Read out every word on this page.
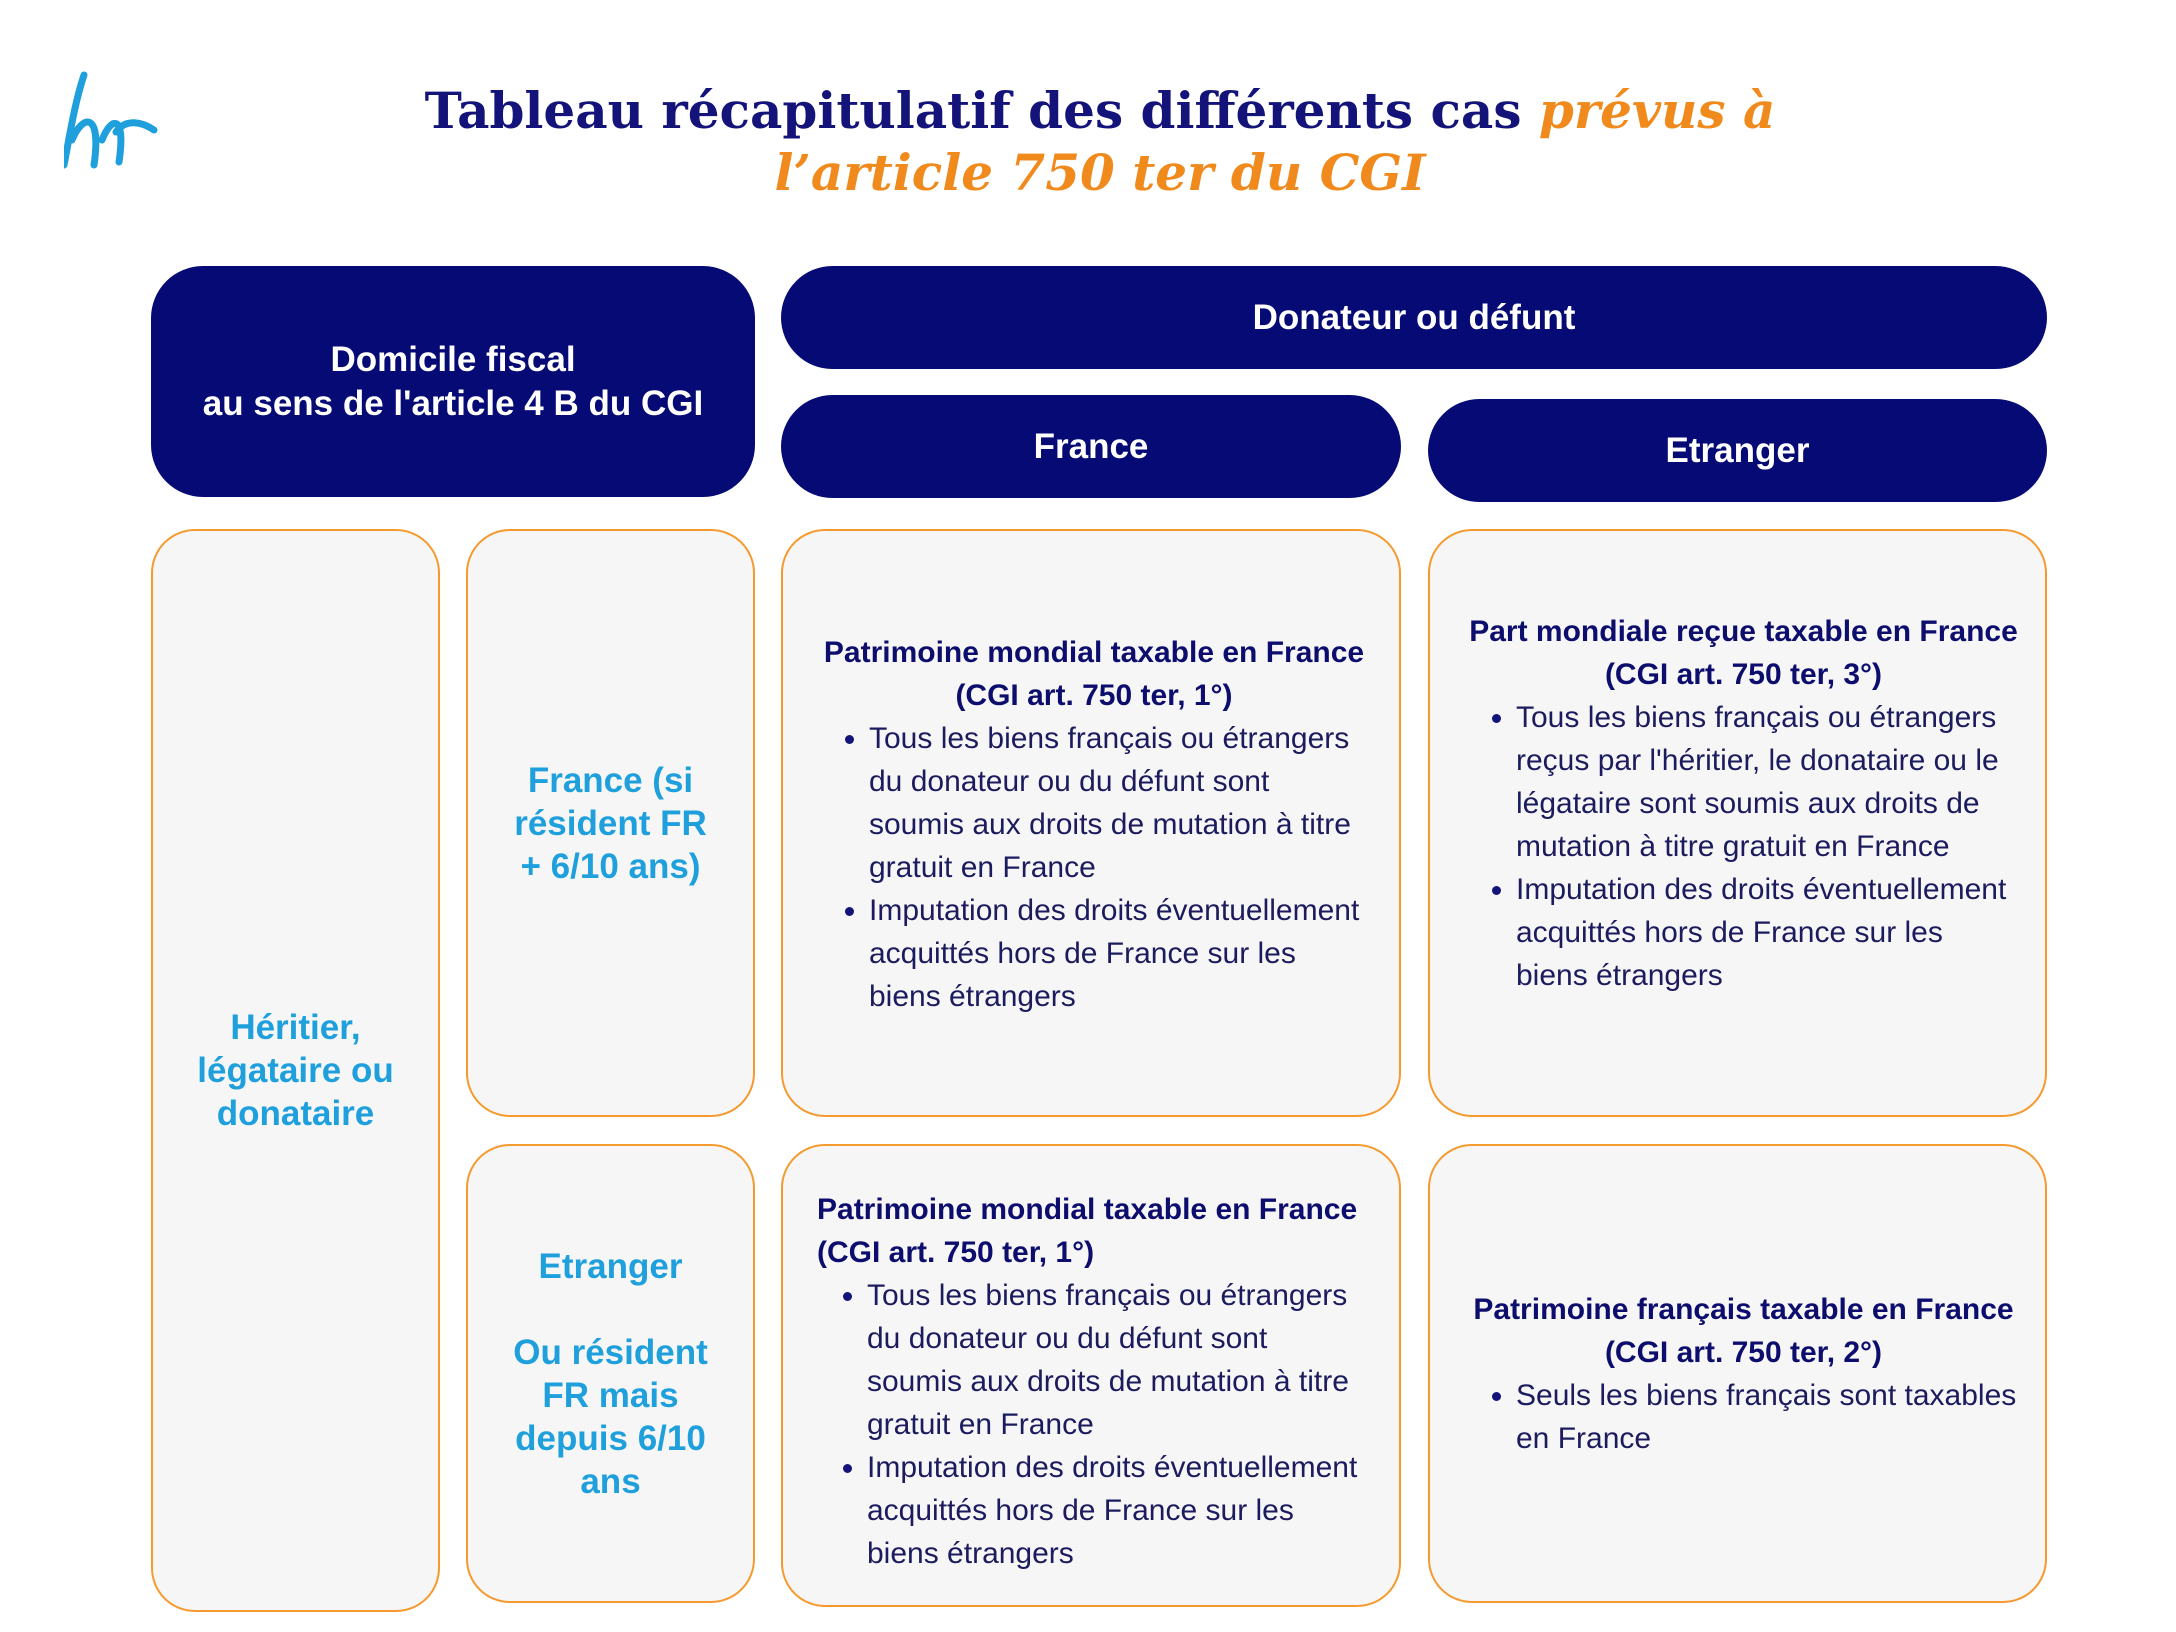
Tableau récapitulatif des différents cas prévus à
l’article 750 ter du CGI
Domicile fiscal
au sens de l'article 4 B du CGI
Donateur ou défunt
France	Etranger
Héritier,
légataire ou
donataire
France (si
résident FR
+ 6/10 ans)
Etranger
Ou résident
FR mais
depuis 6/10
ans
Patrimoine mondial taxable en France
(CGI art. 750 ter, 1°)
• Tous les biens français ou étrangers du donateur ou du défunt sont soumis aux droits de mutation à titre gratuit en France
• Imputation des droits éventuellement acquittés hors de France sur les biens étrangers
Part mondiale reçue taxable en France
(CGI art. 750 ter, 3°)
• Tous les biens français ou étrangers reçus par l'héritier, le donataire ou le légataire sont soumis aux droits de mutation à titre gratuit en France
• Imputation des droits éventuellement acquittés hors de France sur les biens étrangers
Patrimoine mondial taxable en France
(CGI art. 750 ter, 1°)
• Tous les biens français ou étrangers du donateur ou du défunt sont soumis aux droits de mutation à titre gratuit en France
• Imputation des droits éventuellement acquittés hors de France sur les biens étrangers
Patrimoine français taxable en France
(CGI art. 750 ter, 2°)
• Seuls les biens français sont taxables en France
